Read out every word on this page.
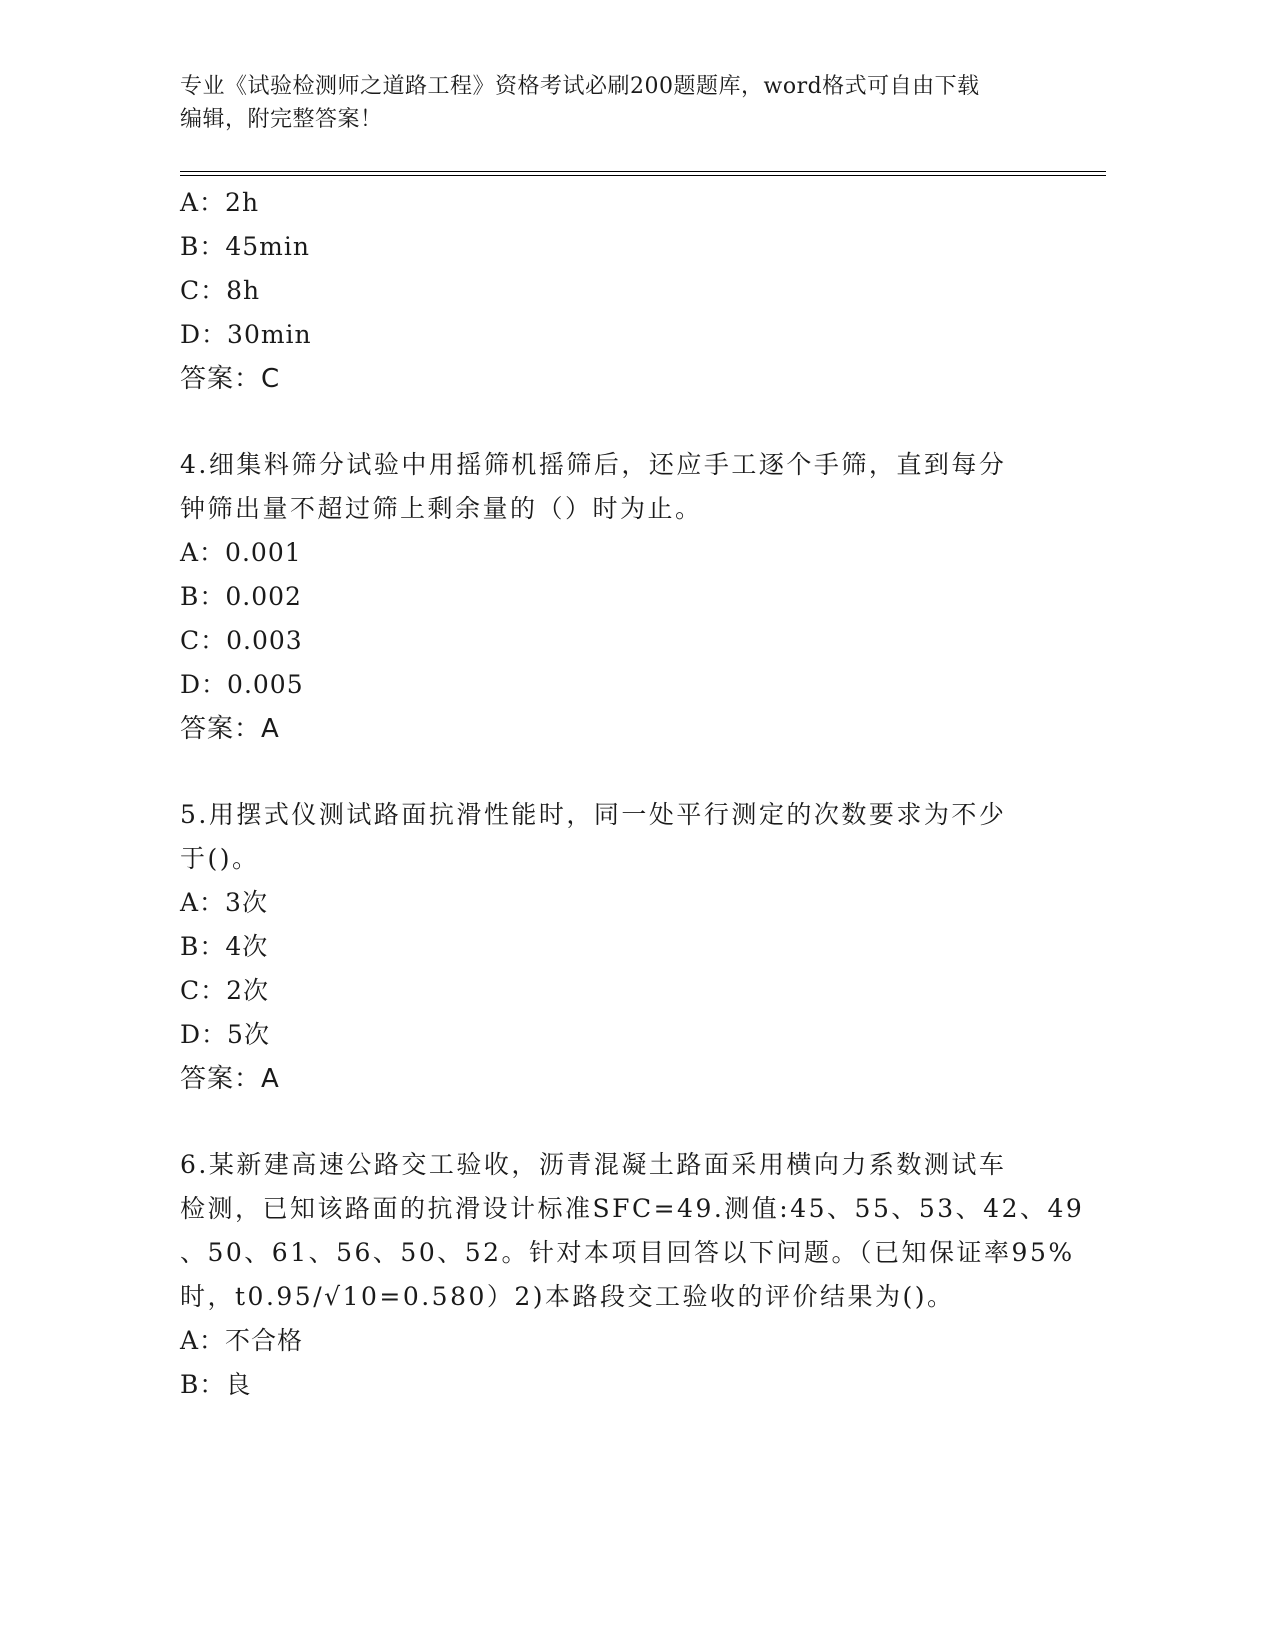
专业《试验检测师之道路工程》资格考试必刷200题题库，word格式可自由下载
编辑，附完整答案！
A：2h
B：45min
C：8h
D：30min
答案：C
4.细集料筛分试验中用摇筛机摇筛后，还应手工逐个手筛，直到每分
钟筛出量不超过筛上剩余量的（）时为止。
A：0.001
B：0.002
C：0.003
D：0.005
答案：A
5.用摆式仪测试路面抗滑性能时，同一处平行测定的次数要求为不少
于()。
A：3次
B：4次
C：2次
D：5次
答案：A
6.某新建高速公路交工验收，沥青混凝土路面采用横向力系数测试车
检测，已知该路面的抗滑设计标准SFC=49.测值:45、55、53、42、49
、50、61、56、50、52。针对本项目回答以下问题。（已知保证率95%
时，t0.95/√10=0.580）2)本路段交工验收的评价结果为()。
A：不合格
B：良
